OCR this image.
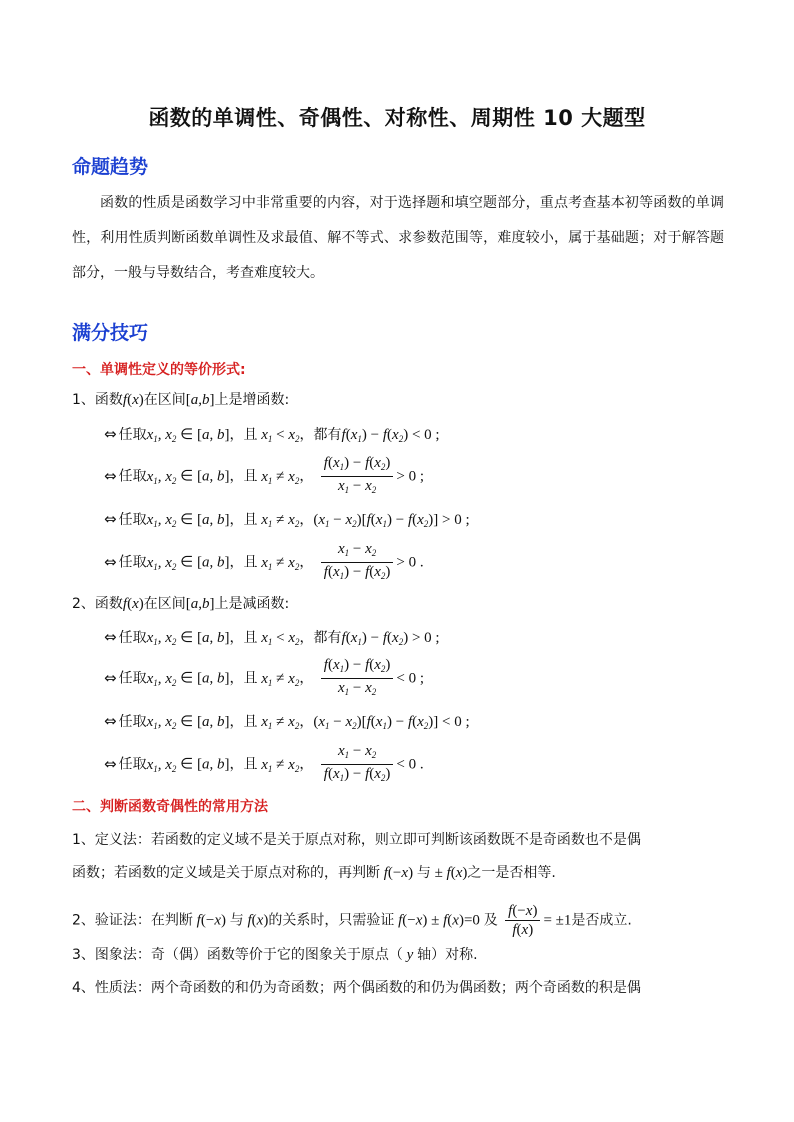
函数的单调性、奇偶性、对称性、周期性 10 大题型
命题趋势
函数的性质是函数学习中非常重要的内容，对于选择题和填空题部分，重点考查基本初等函数的单调性，利用性质判断函数单调性及求最值、解不等式、求参数范围等，难度较小，属于基础题；对于解答题部分，一般与导数结合，考查难度较大。
满分技巧
一、单调性定义的等价形式:
1、函数f(x)在区间[a,b]上是增函数:
⇔ 任取$x_1$, $x_2$ ∈ [a, b]，且 $x_1 < x_2$，都有$f(x_1) - f(x_2) < 0$ ;
⇔ 任取$x_1$, $x_2$ ∈ [a, b]，且 $x_1 \ne x_2$， $\frac{f(x_1) - f(x_2)}{x_1 - x_2} > 0$ ;
⇔ 任取$x_1$, $x_2$ ∈ [a, b]，且 $x_1 \ne x_2$，$(x_1 - x_2)[f(x_1) - f(x_2)] > 0$ ;
⇔ 任取$x_1$, $x_2$ ∈ [a, b]，且 $x_1 \ne x_2$， $\frac{x_1 - x_2}{f(x_1) - f(x_2)} > 0$ .
2、函数f(x)在区间[a,b]上是减函数:
⇔ 任取$x_1$, $x_2$ ∈ [a, b]，且 $x_1 < x_2$，都有$f(x_1) - f(x_2) > 0$ ;
⇔ 任取$x_1$, $x_2$ ∈ [a, b]，且 $x_1 \ne x_2$， $\frac{f(x_1) - f(x_2)}{x_1 - x_2} < 0$ ;
⇔ 任取$x_1$, $x_2$ ∈ [a, b]，且 $x_1 \ne x_2$，$(x_1 - x_2)[f(x_1) - f(x_2)] < 0$ ;
⇔ 任取$x_1$, $x_2$ ∈ [a, b]，且 $x_1 \ne x_2$， $\frac{x_1 - x_2}{f(x_1) - f(x_2)} < 0$ .
二、判断函数奇偶性的常用方法
1、定义法：若函数的定义域不是关于原点对称，则立即可判断该函数既不是奇函数也不是偶
函数；若函数的定义域是关于原点对称的，再判断 f(−x) 与 ± f(x)之一是否相等.
2、验证法：在判断 f(−x) 与 f(x)的关系时，只需验证 f(−x) ± f(x)=0 及 $\frac{f(-x)}{f(x)} = \pm 1$是否成立.
3、图象法：奇（偶）函数等价于它的图象关于原点（ y 轴）对称.
4、性质法：两个奇函数的和仍为奇函数；两个偶函数的和仍为偶函数；两个奇函数的积是偶
